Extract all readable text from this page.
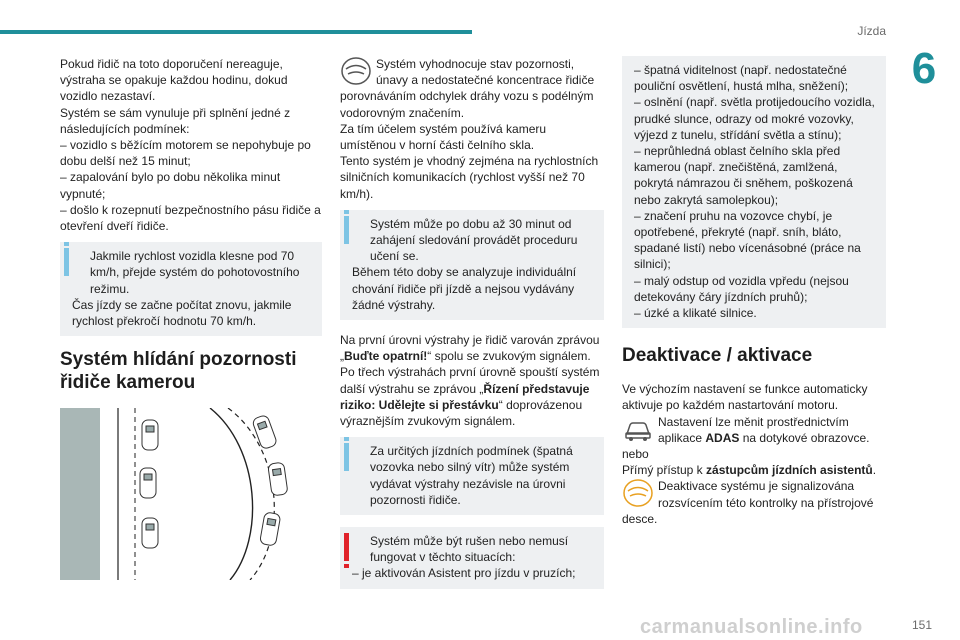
Jízda
6

Pokud řidič na toto doporučení nereaguje, výstraha se opakuje každou hodinu, dokud vozidlo nezastaví.

Systém se sám vynuluje při splnění jedné z následujících podmínek:

– vozidlo s běžícím motorem se nepohybuje po dobu delší než 15 minut;

– zapalování bylo po dobu několika minut vypnuté;

– došlo k rozepnutí bezpečnostního pásu řidiče a otevření dveří řidiče.

Jakmile rychlost vozidla klesne pod 70 km/h, přejde systém do pohotovostního režimu.

Čas jízdy se začne počítat znovu, jakmile rychlost překročí hodnotu 70 km/h.

Systém hlídání pozornosti řidiče kamerou

Systém vyhodnocuje stav pozornosti, únavy a nedostatečné koncentrace řidiče porovnáváním odchylek dráhy vozu s podélným vodorovným značením.

Za tím účelem systém používá kameru umístěnou v horní části čelního skla.

Tento systém je vhodný zejména na rychlostních silničních komunikacích (rychlost vyšší než 70 km/h).

Systém může po dobu až 30 minut od zahájení sledování provádět proceduru učení se.

Během této doby se analyzuje individuální chování řidiče při jízdě a nejsou vydávány žádné výstrahy.

Na první úrovni výstrahy je řidič varován zprávou „Buďte opatrní!“ spolu se zvukovým signálem. Po třech výstrahách první úrovně spouští systém další výstrahu se zprávou „Řízení představuje riziko: Udělejte si přestávku“ doprovázenou výraznějším zvukovým signálem.

Za určitých jízdních podmínek (špatná vozovka nebo silný vítr) může systém vydávat výstrahy nezávisle na úrovni pozornosti řidiče.

Systém může být rušen nebo nemusí fungovat v těchto situacích:

– je aktivován Asistent pro jízdu v pruzích;

– špatná viditelnost (např. nedostatečné pouliční osvětlení, hustá mlha, sněžení);

– oslnění (např. světla protijedoucího vozidla, prudké slunce, odrazy od mokré vozovky, výjezd z tunelu, střídání světla a stínu);

– neprůhledná oblast čelního skla před kamerou (např. znečištěná, zamlžená, pokrytá námrazou či sněhem, poškozená nebo zakrytá samolepkou);

– značení pruhu na vozovce chybí, je opotřebené, překryté (např. sníh, bláto, spadané listí) nebo vícenásobné (práce na silnici);

– malý odstup od vozidla vpředu (nejsou detekovány čáry jízdních pruhů);

– úzké a klikaté silnice.

Deaktivace / aktivace

Ve výchozím nastavení se funkce automaticky aktivuje po každém nastartování motoru.

Nastavení lze měnit prostřednictvím aplikace ADAS na dotykové obrazovce.

nebo

Přímý přístup k zástupcům jízdních asistentů.

Deaktivace systému je signalizována rozsvícením této kontrolky na přístrojové desce.

carmanualsonline.info	151
